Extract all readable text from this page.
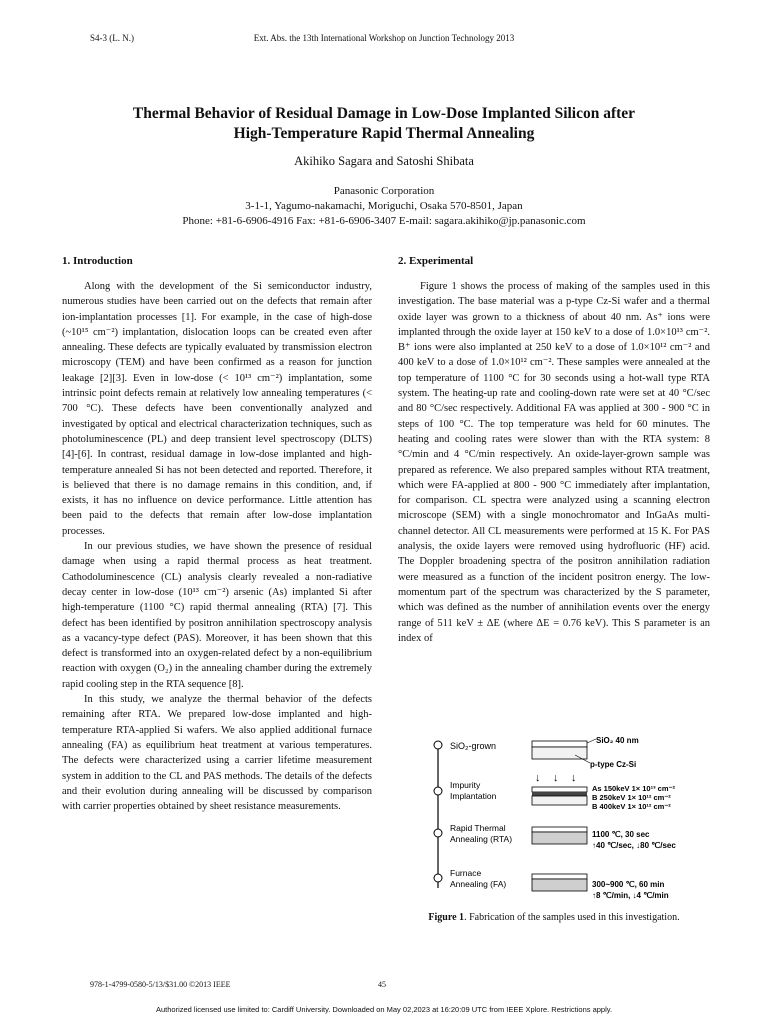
S4-3 (L. N.)	Ext. Abs. the 13th International Workshop on Junction Technology 2013
Thermal Behavior of Residual Damage in Low-Dose Implanted Silicon after
High-Temperature Rapid Thermal Annealing
Akihiko Sagara and Satoshi Shibata
Panasonic Corporation
3-1-1, Yagumo-nakamachi, Moriguchi, Osaka 570-8501, Japan
Phone: +81-6-6906-4916 Fax: +81-6-6906-3407 E-mail: sagara.akihiko@jp.panasonic.com
1. Introduction

Along with the development of the Si semiconductor industry, numerous studies have been carried out on the defects that remain after ion-implantation processes [1]. For example, in the case of high-dose (~10¹⁵ cm⁻²) implantation, dislocation loops can be created even after annealing. These defects are typically evaluated by transmission electron microscopy (TEM) and have been confirmed as a reason for junction leakage [2][3]. Even in low-dose (< 10¹³ cm⁻²) implantation, some intrinsic point defects remain at relatively low annealing temperatures (< 700 °C). These defects have been conventionally analyzed and investigated by optical and electrical characterization techniques, such as photoluminescence (PL) and deep transient level spectroscopy (DLTS) [4]-[6]. In contrast, residual damage in low-dose implanted and high-temperature annealed Si has not been detected and reported. Therefore, it is believed that there is no damage remains in this condition, and, if exists, it has no influence on device performance. Little attention has been paid to the defects that remain after low-dose implantation processes.

In our previous studies, we have shown the presence of residual damage when using a rapid thermal process as heat treatment. Cathodoluminescence (CL) analysis clearly revealed a non-radiative decay center in low-dose (10¹³ cm⁻²) arsenic (As) implanted Si after high-temperature (1100 °C) rapid thermal annealing (RTA) [7]. This defect has been identified by positron annihilation spectroscopy analysis as a vacancy-type defect (PAS). Moreover, it has been shown that this defect is transformed into an oxygen-related defect by a non-equilibrium reaction with oxygen (O₂) in the annealing chamber during the extremely rapid cooling step in the RTA sequence [8].

In this study, we analyze the thermal behavior of the defects remaining after RTA. We prepared low-dose implanted and high-temperature RTA-applied Si wafers. We also applied additional furnace annealing (FA) as equilibrium heat treatment at various temperatures. The defects were characterized using a carrier lifetime measurement system in addition to the CL and PAS methods. The details of the defects and their evolution during annealing will be discussed by comparison with carrier properties obtained by sheet resistance measurements.

2. Experimental

Figure 1 shows the process of making of the samples used in this investigation. The base material was a p-type Cz-Si wafer and a thermal oxide layer was grown to a thickness of about 40 nm. As⁺ ions were implanted through the oxide layer at 150 keV to a dose of 1.0×10¹³ cm⁻². B⁺ ions were also implanted at 250 keV to a dose of 1.0×10¹² cm⁻² and 400 keV to a dose of 1.0×10¹² cm⁻². These samples were annealed at the top temperature of 1100 °C for 30 seconds using a hot-wall type RTA system. The heating-up rate and cooling-down rate were set at 40 °C/sec and 80 °C/sec respectively. Additional FA was applied at 300 - 900 °C in steps of 100 °C. The top temperature was held for 60 minutes. The heating and cooling rates were slower than with the RTA system: 8 °C/min and 4 °C/min respectively. An oxide-layer-grown sample was prepared as reference. We also prepared samples without RTA treatment, which were FA-applied at 800 - 900 °C immediately after implantation, for comparison. CL spectra were analyzed using a scanning electron microscope (SEM) with a single monochromator and InGaAs multi-channel detector. All CL measurements were performed at 15 K. For PAS analysis, the oxide layers were removed using hydrofluoric (HF) acid. The Doppler broadening spectra of the positron annihilation radiation were measured as a function of the incident positron energy. The low-momentum part of the spectrum was characterized by the S parameter, which was defined as the number of annihilation events over the energy range of 511 keV ± ΔE (where ΔE = 0.76 keV). This S parameter is an index of

SiO₂-grown
Impurity
Implantation
Rapid Thermal
Annealing (RTA)
Furnace
Annealing (FA)
SiO₂ 40 nm
p-type Cz-Si
↓ ↓ ↓
As 150keV 1× 10¹³ cm⁻²
B 250keV 1× 10¹² cm⁻²
B 400keV 1× 10¹² cm⁻²
1100 ℃, 30 sec
↑40 ℃/sec, ↓80 ℃/sec
300~900 ℃, 60 min
↑8 ℃/min, ↓4 ℃/min
Figure 1. Fabrication of the samples used in this investigation.
978-1-4799-0580-5/13/$31.00 ©2013 IEEE	45
Authorized licensed use limited to: Cardiff University. Downloaded on May 02,2023 at 16:20:09 UTC from IEEE Xplore. Restrictions apply.
